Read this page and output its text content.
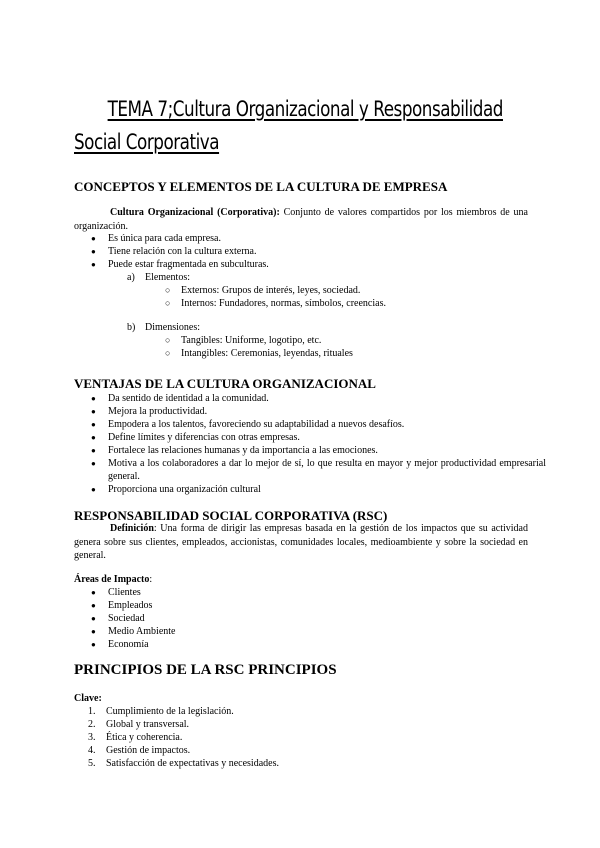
TEMA 7;Cultura Organizacional y Responsabilidad
Social Corporativa
CONCEPTOS Y ELEMENTOS DE LA CULTURA DE EMPRESA
Cultura Organizacional (Corporativa): Conjunto de valores compartidos por los miembros de una organización.
● Es única para cada empresa.
● Tiene relación con la cultura externa.
● Puede estar fragmentada en subculturas.
a) Elementos:
○ Externos: Grupos de interés, leyes, sociedad.
○ Internos: Fundadores, normas, símbolos, creencias.
b) Dimensiones:
○ Tangibles: Uniforme, logotipo, etc.
○ Intangibles: Ceremonias, leyendas, rituales
VENTAJAS DE LA CULTURA ORGANIZACIONAL
● Da sentido de identidad a la comunidad.
● Mejora la productividad.
● Empodera a los talentos, favoreciendo su adaptabilidad a nuevos desafíos.
● Define límites y diferencias con otras empresas.
● Fortalece las relaciones humanas y da importancia a las emociones.
● Motiva a los colaboradores a dar lo mejor de sí, lo que resulta en mayor y mejor productividad empresarial general.
● Proporciona una organización cultural
RESPONSABILIDAD SOCIAL CORPORATIVA (RSC)
Definición: Una forma de dirigir las empresas basada en la gestión de los impactos que su actividad genera sobre sus clientes, empleados, accionistas, comunidades locales, medioambiente y sobre la sociedad en general.
Áreas de Impacto:
● Clientes
● Empleados
● Sociedad
● Medio Ambiente
● Economía
PRINCIPIOS DE LA RSC PRINCIPIOS
Clave:
1. Cumplimiento de la legislación.
2. Global y transversal.
3. Ética y coherencia.
4. Gestión de impactos.
5. Satisfacción de expectativas y necesidades.
